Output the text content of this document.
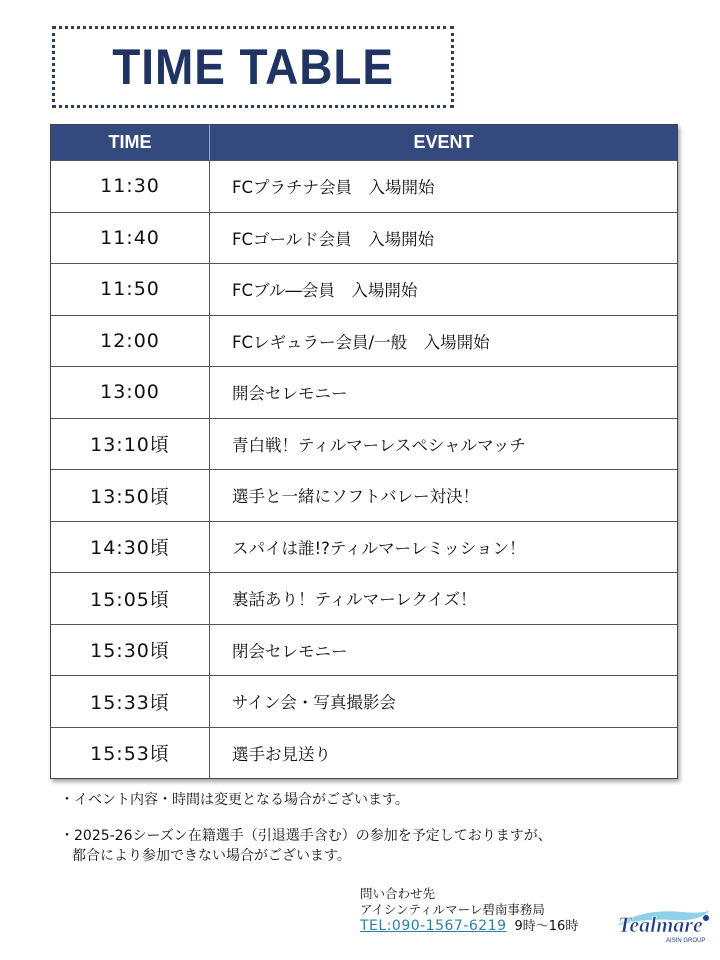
TIME TABLE
TIME	EVENT
11:30	FCプラチナ会員　入場開始
11:40	FCゴールド会員　入場開始
11:50	FCブル―会員　入場開始
12:00	FCレギュラー会員/一般　入場開始
13:00	開会セレモニー
13:10頃	青白戦！ティルマーレスペシャルマッチ
13:50頃	選手と一緒にソフトバレー対決！
14:30頃	スパイは誰!?ティルマーレミッション！
15:05頃	裏話あり！ティルマーレクイズ！
15:30頃	閉会セレモニー
15:33頃	サイン会・写真撮影会
15:53頃	選手お見送り
・イベント内容・時間は変更となる場合がございます。
・2025-26シーズン在籍選手（引退選手含む）の参加を予定しておりますが、
都合により参加できない場合がございます。
問い合わせ先
アイシンティルマーレ碧南事務局
TEL:090-1567-6219 9時～16時 Tealmare
AISIN GROUP
